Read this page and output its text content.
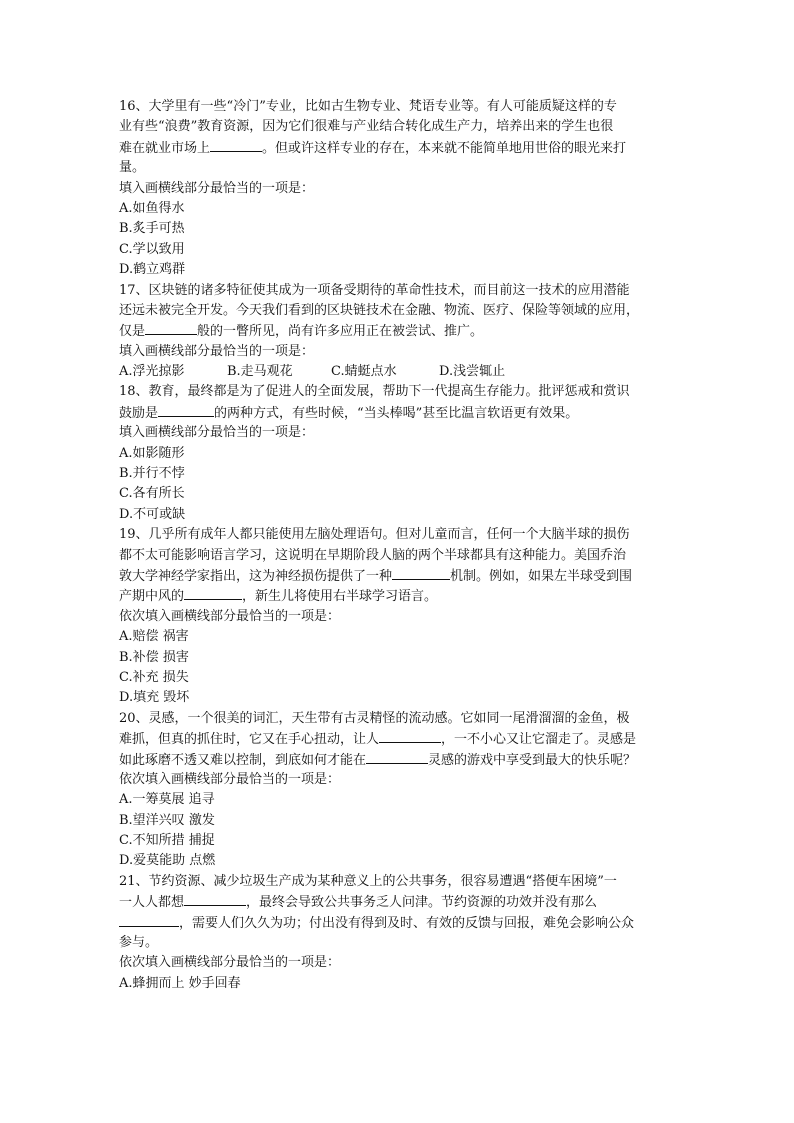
16、大学里有一些“冷门”专业，比如古生物专业、梵语专业等。有人可能质疑这样的专
业有些“浪费”教育资源，因为它们很难与产业结合转化成生产力，培养出来的学生也很
难在就业市场上	。但或许这样专业的存在，本来就不能简单地用世俗的眼光来打
量。
填入画横线部分最恰当的一项是：
A.如鱼得水
B.炙手可热
C.学以致用
D.鹤立鸡群
17、区块链的诸多特征使其成为一项备受期待的革命性技术，而目前这一技术的应用潜能
还远未被完全开发。今天我们看到的区块链技术在金融、物流、医疗、保险等领域的应用，
仅是	般的一瞥所见，尚有许多应用正在被尝试、推广。
填入画横线部分最恰当的一项是：
A.浮光掠影	B.走马观花	C.蜻蜓点水	D.浅尝辄止
18、教育，最终都是为了促进人的全面发展，帮助下一代提高生存能力。批评惩戒和赏识
鼓励是	的两种方式，有些时候，“当头棒喝”甚至比温言软语更有效果。
填入画横线部分最恰当的一项是：
A.如影随形
B.并行不悖
C.各有所长
D.不可或缺
19、几乎所有成年人都只能使用左脑处理语句。但对儿童而言，任何一个大脑半球的损伤
都不太可能影响语言学习，这说明在早期阶段人脑的两个半球都具有这种能力。美国乔治
敦大学神经学家指出，这为神经损伤提供了一种	机制。例如，如果左半球受到围
产期中风的	，新生儿将使用右半球学习语言。
依次填入画横线部分最恰当的一项是：
A.赔偿 祸害
B.补偿 损害
C.补充 损失
D.填充 毁坏
20、灵感，一个很美的词汇，天生带有古灵精怪的流动感。它如同一尾滑溜溜的金鱼，极
难抓，但真的抓住时，它又在手心扭动，让人	，一不小心又让它溜走了。灵感是
如此琢磨不透又难以控制，到底如何才能在	灵感的游戏中享受到最大的快乐呢？
依次填入画横线部分最恰当的一项是：
A.一筹莫展 追寻
B.望洋兴叹 激发
C.不知所措 捕捉
D.爱莫能助 点燃
21、节约资源、减少垃圾生产成为某种意义上的公共事务，很容易遭遇“搭便车困境”一
一人人都想	，最终会导致公共事务乏人问津。节约资源的功效并没有那么
，需要人们久久为功；付出没有得到及时、有效的反馈与回报，难免会影响公众
参与。
依次填入画横线部分最恰当的一项是：
A.蜂拥而上 妙手回春
